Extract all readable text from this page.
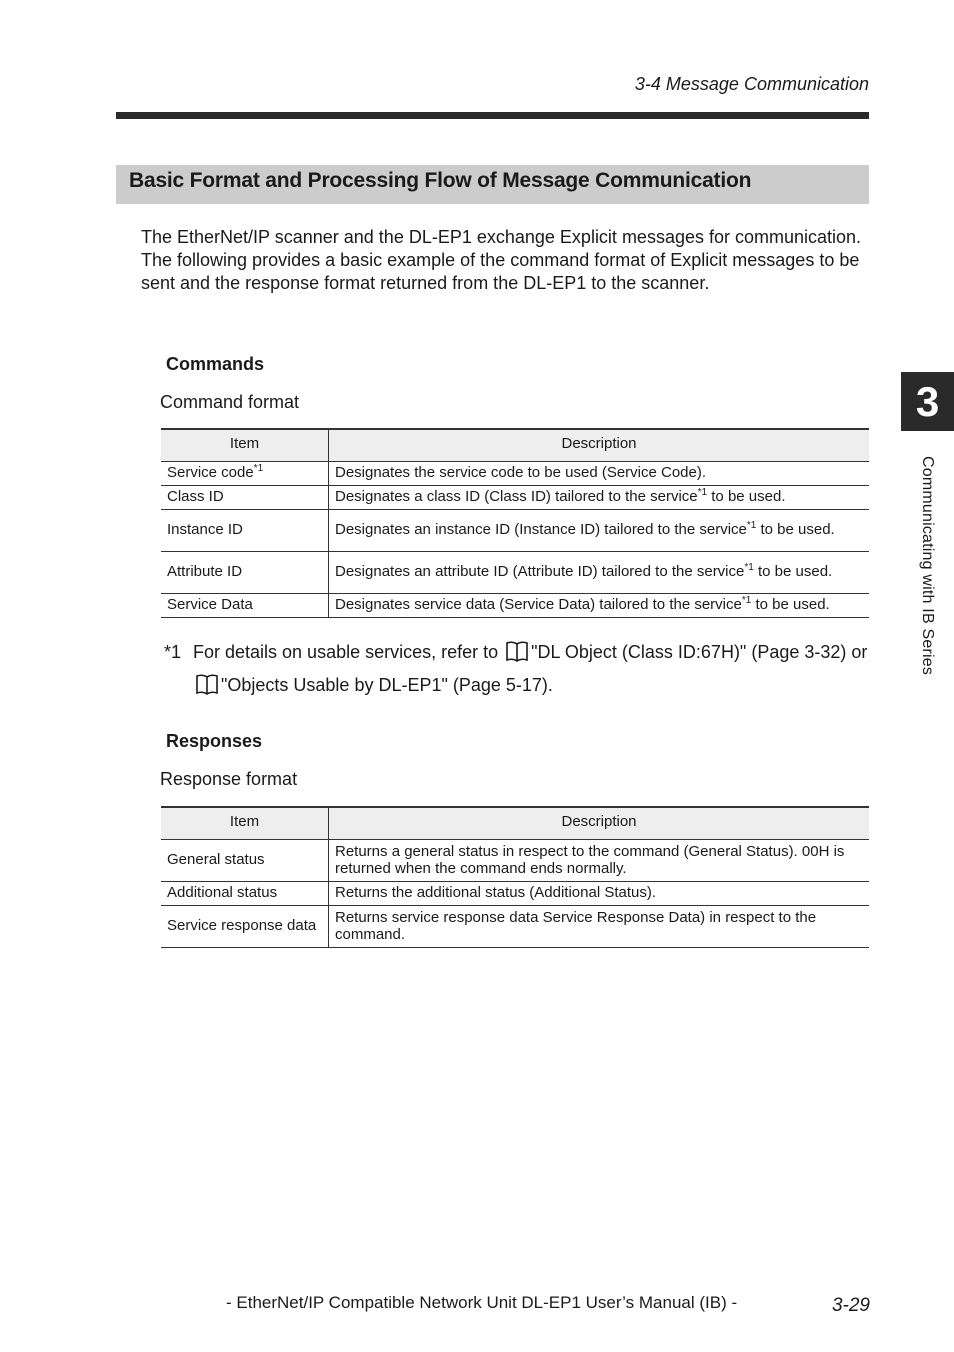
3-4 Message Communication
Basic Format and Processing Flow of Message Communication
The EtherNet/IP scanner and the DL-EP1 exchange Explicit messages for communication. The following provides a basic example of the command format of Explicit messages to be sent and the response format returned from the DL-EP1 to the scanner.
Commands
Command format
Item	Description
Service code$^{*1}$	Designates the service code to be used (Service Code).
Class ID	Designates a class ID (Class ID) tailored to the service$^{*1}$ to be used.
Instance ID	Designates an instance ID (Instance ID) tailored to the service$^{*1}$ to be used.
Attribute ID	Designates an attribute ID (Attribute ID) tailored to the service$^{*1}$ to be used.
Service Data	Designates service data (Service Data) tailored to the service$^{*1}$ to be used.
*1 For details on usable services, refer to "DL Object (Class ID:67H)" (Page 3-32) or "Objects Usable by DL-EP1" (Page 5-17).
Responses
Response format
Item	Description
General status	Returns a general status in respect to the command (General Status). 00H is returned when the command ends normally.
Additional status	Returns the additional status (Additional Status).
Service response data	Returns service response data Service Response Data) in respect to the command.
3
Communicating with IB Series
- EtherNet/IP Compatible Network Unit DL-EP1 User’s Manual (IB) -	3-29
